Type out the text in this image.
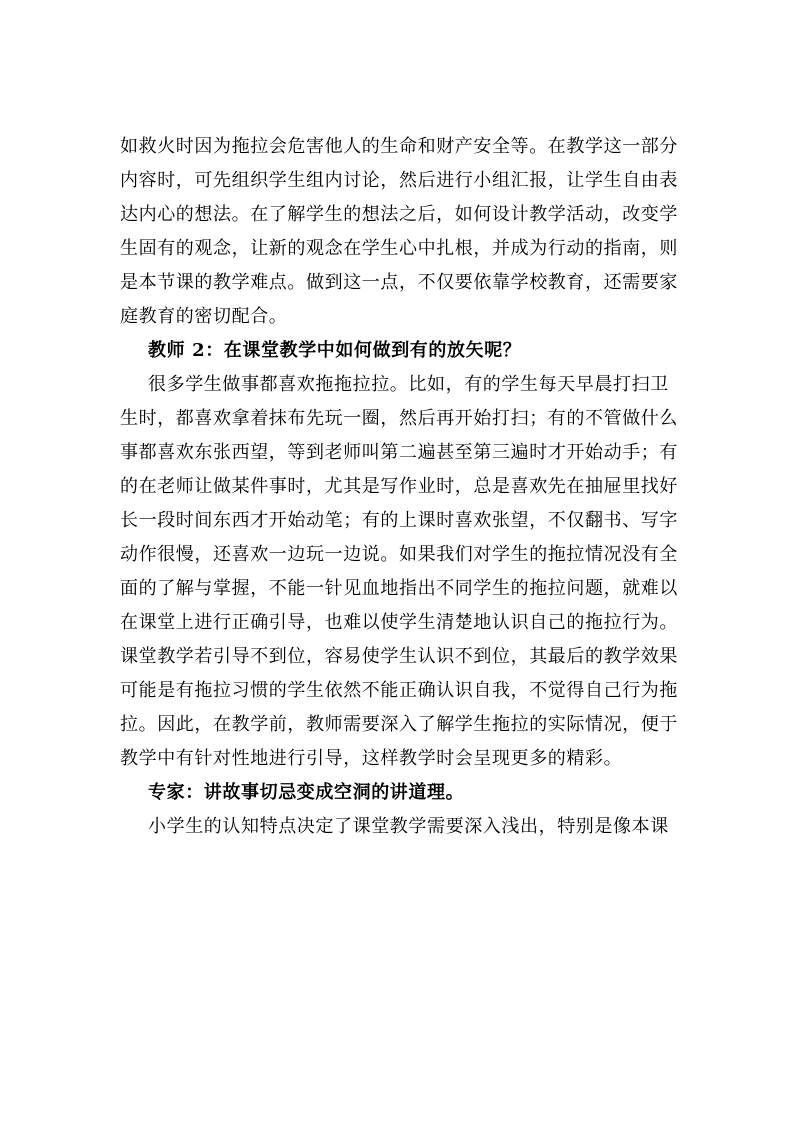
如救火时因为拖拉会危害他人的生命和财产安全等。在教学这一部分
内容时，可先组织学生组内讨论，然后进行小组汇报，让学生自由表
达内心的想法。在了解学生的想法之后，如何设计教学活动，改变学
生固有的观念，让新的观念在学生心中扎根，并成为行动的指南，则
是本节课的教学难点。做到这一点，不仅要依靠学校教育，还需要家
庭教育的密切配合。
教师 2：在课堂教学中如何做到有的放矢呢？
很多学生做事都喜欢拖拖拉拉。比如，有的学生每天早晨打扫卫
生时，都喜欢拿着抹布先玩一圈，然后再开始打扫；有的不管做什么
事都喜欢东张西望，等到老师叫第二遍甚至第三遍时才开始动手；有
的在老师让做某件事时，尤其是写作业时，总是喜欢先在抽屉里找好
长一段时间东西才开始动笔；有的上课时喜欢张望，不仅翻书、写字
动作很慢，还喜欢一边玩一边说。如果我们对学生的拖拉情况没有全
面的了解与掌握，不能一针见血地指出不同学生的拖拉问题，就难以
在课堂上进行正确引导，也难以使学生清楚地认识自己的拖拉行为。
课堂教学若引导不到位，容易使学生认识不到位，其最后的教学效果
可能是有拖拉习惯的学生依然不能正确认识自我，不觉得自己行为拖
拉。因此，在教学前，教师需要深入了解学生拖拉的实际情况，便于
教学中有针对性地进行引导，这样教学时会呈现更多的精彩。
专家：讲故事切忌变成空洞的讲道理。
小学生的认知特点决定了课堂教学需要深入浅出，特别是像本课
